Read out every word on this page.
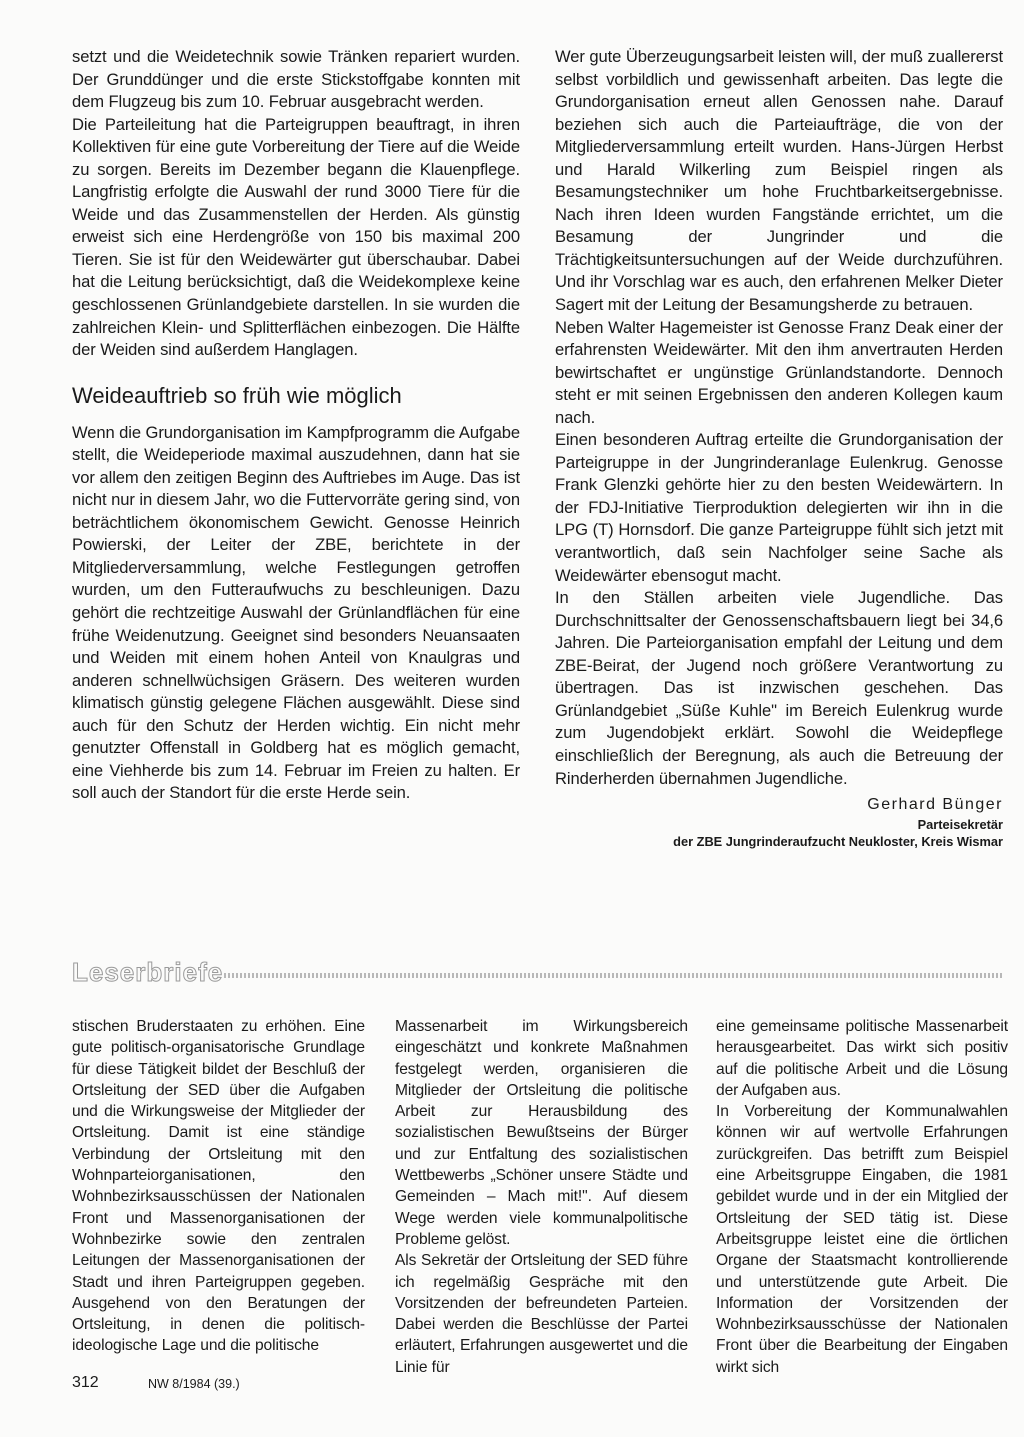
setzt und die Weidetechnik sowie Tränken repariert wurden. Der Grunddünger und die erste Stickstoffgabe konnten mit dem Flugzeug bis zum 10. Februar ausgebracht werden.

Die Parteileitung hat die Parteigruppen beauftragt, in ihren Kollektiven für eine gute Vorbereitung der Tiere auf die Weide zu sorgen. Bereits im Dezember begann die Klauenpflege. Langfristig erfolgte die Auswahl der rund 3000 Tiere für die Weide und das Zusammenstellen der Herden. Als günstig erweist sich eine Herdengröße von 150 bis maximal 200 Tieren. Sie ist für den Weidewärter gut überschaubar. Dabei hat die Leitung berücksichtigt, daß die Weidekomplexe keine geschlossenen Grünlandgebiete darstellen. In sie wurden die zahlreichen Klein- und Splitterflächen einbezogen. Die Hälfte der Weiden sind außerdem Hanglagen.

Weideauftrieb so früh wie möglich

Wenn die Grundorganisation im Kampfprogramm die Aufgabe stellt, die Weideperiode maximal auszudehnen, dann hat sie vor allem den zeitigen Beginn des Auftriebes im Auge. Das ist nicht nur in diesem Jahr, wo die Futtervorräte gering sind, von beträchtlichem ökonomischem Gewicht. Genosse Heinrich Powierski, der Leiter der ZBE, berichtete in der Mitgliederversammlung, welche Festlegungen getroffen wurden, um den Futteraufwuchs zu beschleunigen. Dazu gehört die rechtzeitige Auswahl der Grünlandflächen für eine frühe Weidenutzung. Geeignet sind besonders Neuansaaten und Weiden mit einem hohen Anteil von Knaulgras und anderen schnellwüchsigen Gräsern. Des weiteren wurden klimatisch günstig gelegene Flächen ausgewählt. Diese sind auch für den Schutz der Herden wichtig. Ein nicht mehr genutzter Offenstall in Goldberg hat es möglich gemacht, eine Viehherde bis zum 14. Februar im Freien zu halten. Er soll auch der Standort für die erste Herde sein.

Wer gute Überzeugungsarbeit leisten will, der muß zuallererst selbst vorbildlich und gewissenhaft arbeiten. Das legte die Grundorganisation erneut allen Genossen nahe. Darauf beziehen sich auch die Parteiaufträge, die von der Mitgliederversammlung erteilt wurden. Hans-Jürgen Herbst und Harald Wilkerling zum Beispiel ringen als Besamungstechniker um hohe Fruchtbarkeitsergebnisse. Nach ihren Ideen wurden Fangstände errichtet, um die Besamung der Jungrinder und die Trächtigkeitsuntersuchungen auf der Weide durchzuführen. Und ihr Vorschlag war es auch, den erfahrenen Melker Dieter Sagert mit der Leitung der Besamungsherde zu betrauen.

Neben Walter Hagemeister ist Genosse Franz Deak einer der erfahrensten Weidewärter. Mit den ihm anvertrauten Herden bewirtschaftet er ungünstige Grünlandstandorte. Dennoch steht er mit seinen Ergebnissen den anderen Kollegen kaum nach.

Einen besonderen Auftrag erteilte die Grundorganisation der Parteigruppe in der Jungrinderanlage Eulenkrug. Genosse Frank Glenzki gehörte hier zu den besten Weidewärtern. In der FDJ-Initiative Tierproduktion delegierten wir ihn in die LPG (T) Hornsdorf. Die ganze Parteigruppe fühlt sich jetzt mit verantwortlich, daß sein Nachfolger seine Sache als Weidewärter ebensogut macht.

In den Ställen arbeiten viele Jugendliche. Das Durchschnittsalter der Genossenschaftsbauern liegt bei 34,6 Jahren. Die Parteiorganisation empfahl der Leitung und dem ZBE-Beirat, der Jugend noch größere Verantwortung zu übertragen. Das ist inzwischen geschehen. Das Grünlandgebiet „Süße Kuhle" im Bereich Eulenkrug wurde zum Jugendobjekt erklärt. Sowohl die Weidepflege einschließlich der Beregnung, als auch die Betreuung der Rinderherden übernahmen Jugendliche.

Gerhard Bünger
Parteisekretär
der ZBE Jungrinderaufzucht Neukloster, Kreis Wismar
Leserbriefe

stischen Bruderstaaten zu erhöhen. Eine gute politisch-organisatorische Grundlage für diese Tätigkeit bildet der Beschluß der Ortsleitung der SED über die Aufgaben und die Wirkungsweise der Mitglieder der Ortsleitung. Damit ist eine ständige Verbindung der Ortsleitung mit den Wohnparteiorganisationen, den Wohnbezirksausschüssen der Nationalen Front und Massenorganisationen der Wohnbezirke sowie den zentralen Leitungen der Massenorganisationen der Stadt und ihren Parteigruppen gegeben. Ausgehend von den Beratungen der Ortsleitung, in denen die politisch-ideologische Lage und die politische

Massenarbeit im Wirkungsbereich eingeschätzt und konkrete Maßnahmen festgelegt werden, organisieren die Mitglieder der Ortsleitung die politische Arbeit zur Herausbildung des sozialistischen Bewußtseins der Bürger und zur Entfaltung des sozialistischen Wettbewerbs „Schöner unsere Städte und Gemeinden – Mach mit!". Auf diesem Wege werden viele kommunalpolitische Probleme gelöst.

Als Sekretär der Ortsleitung der SED führe ich regelmäßig Gespräche mit den Vorsitzenden der befreundeten Parteien. Dabei werden die Beschlüsse der Partei erläutert, Erfahrungen ausgewertet und die Linie für

eine gemeinsame politische Massenarbeit herausgearbeitet. Das wirkt sich positiv auf die politische Arbeit und die Lösung der Aufgaben aus.

In Vorbereitung der Kommunalwahlen können wir auf wertvolle Erfahrungen zurückgreifen. Das betrifft zum Beispiel eine Arbeitsgruppe Eingaben, die 1981 gebildet wurde und in der ein Mitglied der Ortsleitung der SED tätig ist. Diese Arbeitsgruppe leistet eine die örtlichen Organe der Staatsmacht kontrollierende und unterstützende gute Arbeit. Die Information der Vorsitzenden der Wohnbezirksausschüsse der Nationalen Front über die Bearbeitung der Eingaben wirkt sich

312	NW 8/1984 (39.)
